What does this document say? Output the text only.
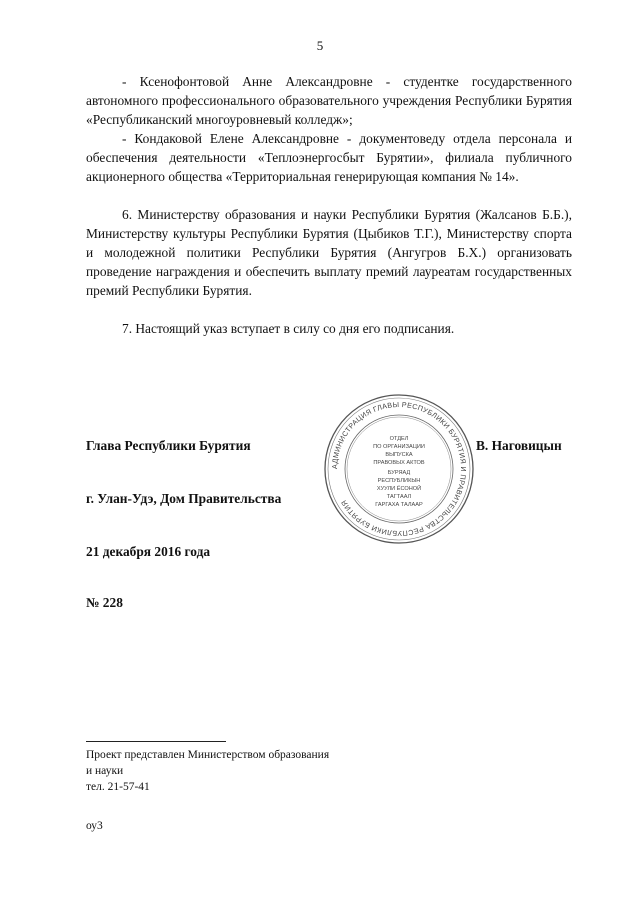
5

- Ксенофонтовой Анне Александровне - студентке государственного автономного профессионального образовательного учреждения Республики Бурятия «Республиканский многоуровневый колледж»;

- Кондаковой Елене Александровне - документоведу отдела персонала и обеспечения деятельности «Теплоэнергосбыт Бурятии», филиала публичного акционерного общества «Территориальная генерирующая компания № 14».

6. Министерству образования и науки Республики Бурятия (Жалсанов Б.Б.), Министерству культуры Республики Бурятия (Цыбиков Т.Г.), Министерству спорта и молодежной политики Республики Бурятия (Ангугров Б.Х.) организовать проведение награждения и обеспечить выплату премий лауреатам государственных премий Республики Бурятия.

7. Настоящий указ вступает в силу со дня его подписания.

Глава Республики Бурятия	В. Наговицын
г. Улан-Удэ, Дом Правительства
21 декабря 2016 года
№ 228
АДМИНИСТРАЦИЯ ГЛАВЫ РЕСПУБЛИКИ БУРЯТИЯ И ПРАВИТЕЛЬСТВА РЕСПУБЛИКИ БУРЯТИЯ
ОТДЕЛ
ПО ОРГАНИЗАЦИИ
ВЫПУСКА
ПРАВОВЫХ АКТОВ
БУРЯАД
РЕСПУБЛИКЫН
ХУУЛИ ЁСОНОЙ
ТАГТААЛ
ГАРГАХА ТАЛААР
Проект представлен Министерством образования
и науки
тел. 21-57-41
оу3
